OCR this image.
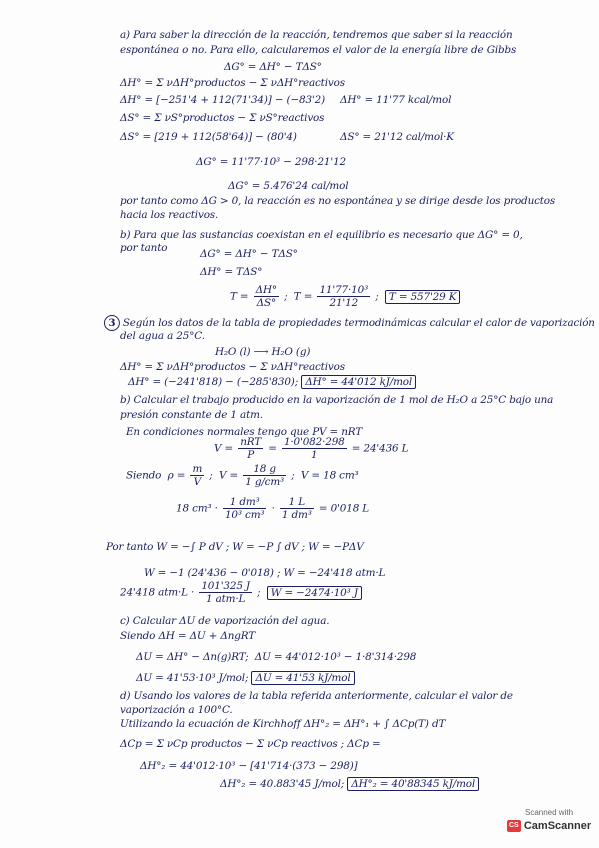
a) Para saber la dirección de la reacción, tendremos que saber si la reacción
espontánea o no. Para ello, calcularemos el valor de la energía libre de Gibbs
ΔG° = ΔH° − TΔS°
ΔH° = Σ νΔH°productos − Σ νΔH°reactivos
ΔH° = [−251'4 + 112(71'34)] − (−83'2) ΔH° = 11'77 kcal/mol
ΔS° = Σ νS°productos − Σ νS°reactivos
ΔS° = [219 + 112(58'64)] − (80'4)	ΔS° = 21'12 cal/mol·K
ΔG° = 11'77·10³ − 298·21'12
ΔG° = 5.476'24 cal/mol
por tanto como ΔG > 0, la reacción es no espontánea y se dirige desde los productos
hacia los reactivos.
b) Para que las sustancias coexistan en el equilibrio es necesario que ΔG° = 0,
por tanto	ΔG° = ΔH° − TΔS°
ΔH° = TΔS°
$T = \frac{\Delta H^\circ}{\Delta S^\circ}$ ;  $T = \frac{\text{11'77·10³}}{21'12}$ ;  T = 557'29 K
3 Según los datos de la tabla de propiedades termodinámicas calcular el calor de vaporización
del agua a 25°C.
H₂O (l) ⟶ H₂O (g)
ΔH° = Σ νΔH°productos − Σ νΔH°reactivos
ΔH° = (−241'818) − (−285'830); ΔH° = 44'012 kJ/mol
b) Calcular el trabajo producido en la vaporización de 1 mol de H₂O a 25°C bajo una
presión constante de 1 atm.
En condiciones normales tengo que PV = nRT
$V = \frac{\text{nRT}}{P} = \frac{1\cdot 0'082\cdot 298}{1} = 24'436$ L
Siendo $\rho = \frac{m}{V}$ ;  $V = \frac{18 g}{\text{1 g/cm³}}$ ;  V = 18 cm³
18 $cm^3 \cdot \frac{\text{1 dm³}}{\text{10³ cm³}} \cdot \frac{1 L}{\text{1 dm³}} = 0'018$ L
Por tanto W = −∫ P dV ; W = −P ∫ dV ; W = −PΔV
W = −1 (24'436 − 0'018) ; W = −24'418 atm·L
24'418 $atm\cdot L \cdot \frac{101'325 J}{\text{1 atm·L}}$ ;  W = −2474·10³ J
c) Calcular ΔU de vaporización del agua.
Siendo ΔH = ΔU + ΔngRT
ΔU = ΔH° − Δn(g)RT;  ΔU = 44'012·10³ − 1·8'314·298
ΔU = 41'53·10³ J/mol; ΔU = 41'53 kJ/mol
d) Usando los valores de la tabla referida anteriormente, calcular el valor de
vaporización a 100°C.
Utilizando la ecuación de Kirchhoff ΔH°₂ = ΔH°₁ + ∫ ΔCp(T) dT
ΔCp = Σ νCp productos − Σ νCp reactivos ; ΔCp =
ΔH°₂ = 44'012·10³ − [41'714·(373 − 298)]
ΔH°₂ = 40.883'45 J/mol; ΔH°₂ = 40'88345 kJ/mol
Scanned with
CS CamScanner
